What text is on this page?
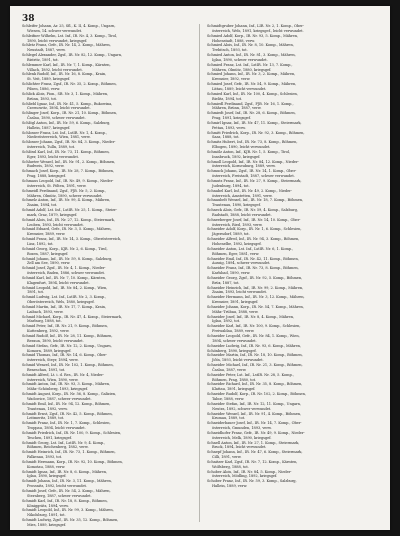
38
Schleifer Johann, Ar. 25, Sfl., K. II, 4. Komp., Ungarn,
Wiesen, 14. schwer verwundet.
Schleifner Wilhelm, Lst. Inf., IR. Nr. 4, 3. Komp., Tirol,
1890, leicht verwundet, kriegsgef.
Schletz Franz, Gefr., IR. Nr. 14, 2. Komp., Mähren,
Neustadt, 1887, verw.
Schlegel Alexander, Zgsf., IR. Nr. 82, 12. Komp., Ungarn,
Bistritz, 1891, tot.
Schlemmer Karl, Inf., IR. Nr. 7, 1. Komp., Kärnten,
Villach, 1892, leicht verwundet.
Schlenk Rudolf, Inf., IR. Nr. 16, 8. Komp., Krain,
St. Veit, 1889, kriegsgef.
Schlichter Franz, Zgsf., IR. Nr. 35, 2. Komp., Böhmen,
Pilsen, 1886, verw.
Schlick Alois, Pion., SB. Nr. 3, 1. Komp., Mähren,
Brünn, 1893, tot.
Schliebl Ignaz, Inf., IR. Nr. 41, 5. Komp., Bukowina,
Czernowitz, 1894, leicht verwundet.
Schlinger Josef, Korp., IR. Nr. 21, 10. Komp., Böhmen,
Časlau, 1890, schwer verwundet.
Schlögl Anton, Inf., IR. Nr. 59, 6. Komp., Salzburg,
Hallein, 1887, kriegsgef.
Schlosser Franz, Lst. Inf., LstIR. Nr. 1, 4. Komp.,
Niederösterreich, Wien, 1881, verw.
Schlosser Johann, Zgsf., IR. Nr. 84, 3. Komp., Nieder-
österreich, Tulln, 1889, tot.
Schlössl Karl, Inf., IR. Nr. 73, 11. Komp., Böhmen,
Eger, 1893, leicht verwundet.
Schlueter Wenzel, Inf., IR. Nr. 91, 2. Komp., Böhmen,
Budweis, 1892, verw.
Schmach Josef, Korp., IR. Nr. 28, 7. Komp., Böhmen,
Prag, 1888, kriegsgef.
Schmaus Leopold, Inf., IR. Nr. 49, 9. Komp., Nieder-
österreich, St. Pölten, 1891, verw.
Schmeidl Ferdinand, Zgsf., FJB. Nr. 5, 2. Komp.,
Mähren, Olmütz, 1890, schwer verwundet.
Schmelz Anton, Inf., IR. Nr. 99, 4. Komp., Mähren,
Znaim, 1894, tot.
Schmid Adolf, Lst. Inf., LstIR. Nr. 25, 1. Komp., Steier-
mark, Graz, 1879, kriegsgef.
Schmid Alois, Inf., IR. Nr. 27, 12. Komp., Steiermark,
Leoben, 1893, leicht verwundet.
Schmid Eduard, Gefr., IR. Nr. 3, 5. Komp., Mähren,
Kremsier, 1889, verw.
Schmid Franz, Inf., IR. Nr. 14, 3. Komp., Oberösterreich,
Linz, 1892, tot.
Schmid Georg, Korp., KJR. Nr. 2, 6. Komp., Tirol,
Bozen, 1887, kriegsgef.
Schmid Johann, Inf., IR. Nr. 59, 8. Komp., Salzburg,
Zell am See, 1890, verw.
Schmid Josef, Zgsf., IR. Nr. 4, 1. Komp., Nieder-
österreich, Baden, 1886, schwer verwundet.
Schmid Karl, Inf., IR. Nr. 7, 10. Komp., Kärnten,
Klagenfurt, 1894, leicht verwundet.
Schmid Leopold, Inf., IR. Nr. 84, 2. Komp., Wien,
1891, tot.
Schmid Ludwig, Lst. Inf., LstIR. Nr. 2, 3. Komp.,
Oberösterreich, Wels, 1880, kriegsgef.
Schmid Martin, Inf., IR. Nr. 17, 7. Komp., Krain,
Laibach, 1893, verw.
Schmid Michael, Korp., IR. Nr. 47, 4. Komp., Steiermark,
Marburg, 1888, tot.
Schmid Peter, Inf., IR. Nr. 21, 9. Komp., Böhmen,
Kuttenberg, 1892, verw.
Schmid Rudolf, Inf., IR. Nr. 28, 11. Komp., Böhmen,
Beraun, 1890, leicht verwundet.
Schmid Stefan, Gefr., IR. Nr. 12, 2. Komp., Ungarn,
Komorn, 1889, kriegsgef.
Schmid Thomas, Inf., IR. Nr. 14, 6. Komp., Ober-
österreich, Steyr, 1894, verw.
Schmid Wenzel, Inf., IR. Nr. 102, 1. Komp., Böhmen,
Beneschau, 1891, tot.
Schmidt Alfred, Lt. i. d. Res., IR. Nr. 4, Nieder-
österreich, Wien, 1890, verw.
Schmidt Anton, Inf., IR. Nr. 93, 3. Komp., Mähren,
Mähr.-Schönberg, 1893, kriegsgef.
Schmidt August, Korp., IR. Nr. 56, 8. Komp., Galizien,
Wadowice, 1887, schwer verwundet.
Schmidt Emil, Inf., IR. Nr. 94, 12. Komp., Böhmen,
Trautenau, 1892, verw.
Schmidt Ernst, Zgsf., IR. Nr. 42, 5. Komp., Böhmen,
Leitmeritz, 1889, tot.
Schmidt Franz, Inf., IR. Nr. 1, 7. Komp., Schlesien,
Troppau, 1894, leicht verwundet.
Schmidt Friedrich, Inf., IR. Nr. 100, 9. Komp., Schlesien,
Teschen, 1891, kriegsgef.
Schmidt Georg, Lst. Inf., LstIR. Nr. 9, 4. Komp.,
Böhmen, Reichenberg, 1882, verw.
Schmidt Heinrich, Inf., IR. Nr. 73, 1. Komp., Böhmen,
Falkenau, 1893, tot.
Schmidt Hermann, Korp., IR. Nr. 92, 10. Komp., Böhmen,
Komotau, 1888, verw.
Schmidt Ignaz, Inf., IR. Nr. 8, 6. Komp., Mähren,
Iglau, 1890, kriegsgef.
Schmidt Johann, Inf., IR. Nr. 3, 11. Komp., Mähren,
Prossnitz, 1892, leicht verwundet.
Schmidt Josef, Gefr., IR. Nr. 54, 2. Komp., Mähren,
Sternberg, 1887, schwer verwundet.
Schmidt Karl, Inf., IR. Nr. 18, 8. Komp., Böhmen,
Königgrätz, 1894, verw.
Schmidt Leopold, Inf., IR. Nr. 99, 3. Komp., Mähren,
Nikolsburg, 1891, tot.
Schmidt Ludwig, Zgsf., IR. Nr. 35, 12. Komp., Böhmen,
Mies, 1889, kriegsgef.
Schmidtgruber Johann, Inf., LIR. Nr. 2, 1. Komp., Ober-
österreich, Wels, 1891, kriegsgef., leicht verwundet.
Schmied Adolf, Korp., IR. Nr. 93, 5. Komp., Mähren,
Hohenstadt, 1888, verw.
Schmied Alois, Inf., IR. Nr. 8, 10. Komp., Mähren,
Trebitsch, 1893, tot.
Schmied Anton, Inf., IR. Nr. 81, 3. Komp., Mähren,
Iglau, 1890, schwer verwundet.
Schmied Franz, Lst. Inf., LstIR. Nr. 13, 7. Komp.,
Mähren, Olmütz, 1880, kriegsgef.
Schmied Johann, Inf., IR. Nr. 3, 2. Komp., Mähren,
Kremsier, 1892, verw.
Schmied Josef, Gefr., IR. Nr. 54, 9. Komp., Mähren,
Littau, 1889, leicht verwundet.
Schmied Karl, Inf., IR. Nr. 100, 4. Komp., Schlesien,
Bielitz, 1894, tot.
Schmiedl Ferdinand, Zgsf., FJB. Nr. 16, 1. Komp.,
Mähren, Brünn, 1887, verw.
Schmiedt Josef, Inf., IR. Nr. 28, 6. Komp., Böhmen,
Prag, 1891, kriegsgef.
Schmirl Ignaz, Inf., IR. Nr. 47, 11. Komp., Steiermark,
Pettau, 1893, verw.
Schmitt Friedrich, Korp., IR. Nr. 92, 3. Komp., Böhmen,
Saaz, 1888, tot.
Schmitz Hubert, Inf., IR. Nr. 73, 8. Komp., Böhmen,
Elbogen, 1890, leicht verwundet.
Schmölz Anton, Inf., KJR. Nr. 1, 5. Komp., Tirol,
Innsbruck, 1892, kriegsgef.
Schmoll Leopold, Inf., IR. Nr. 84, 12. Komp., Nieder-
österreich, Korneuburg, 1889, verw.
Schmuck Johann, Zgsf., IR. Nr. 14, 1. Komp., Ober-
österreich, Freistadt, 1887, schwer verwundet.
Schmutz Franz, Inf., IR. Nr. 27, 9. Komp., Steiermark,
Judenburg, 1894, tot.
Schnabel Karl, Inf., IR. Nr. 49, 2. Komp., Nieder-
österreich, Amstetten, 1891, verw.
Schnaubelt Wenzel, Inf., IR. Nr. 18, 7. Komp., Böhmen,
Trautenau, 1890, kriegsgef.
Schneck Alois, Gefr., IR. Nr. 59, 4. Komp., Salzburg,
Radstadt, 1888, leicht verwundet.
Schneeberger Josef, Inf., IR. Nr. 14, 10. Komp., Ober-
österreich, Ried, 1893, verw.
Schneider Adolf, Korp., IR. Nr. 1, 6. Komp., Schlesien,
Jägerndorf, 1889, tot.
Schneider Alfred, Inf., IR. Nr. 94, 3. Komp., Böhmen,
Hohenelbe, 1892, kriegsgef.
Schneider Anton, Lst. Inf., LstIR. Nr. 6, 1. Komp.,
Böhmen, Eger, 1881, verw.
Schneider Emil, Inf., IR. Nr. 42, 11. Komp., Böhmen,
Aussig, 1894, schwer verwundet.
Schneider Franz, Inf., IR. Nr. 73, 8. Komp., Böhmen,
Karlsbad, 1890, verw.
Schneider Georg, Zgsf., IR. Nr. 92, 5. Komp., Böhmen,
Brüx, 1887, tot.
Schneider Heinrich, Inf., IR. Nr. 99, 2. Komp., Mähren,
Znaim, 1893, leicht verwundet.
Schneider Hermann, Inf., IR. Nr. 3, 12. Komp., Mähren,
Kremsier, 1891, kriegsgef.
Schneider Johann, Korp., IR. Nr. 54, 7. Komp., Mähren,
Mähr.-Trübau, 1888, verw.
Schneider Josef, Inf., IR. Nr. 8, 4. Komp., Mähren,
Iglau, 1892, tot.
Schneider Karl, Inf., IR. Nr. 100, 9. Komp., Schlesien,
Freiwaldau, 1889, verw.
Schneider Leopold, Gefr., IR. Nr. 84, 1. Komp., Wien,
1894, schwer verwundet.
Schneider Ludwig, Inf., IR. Nr. 93, 6. Komp., Mähren,
Schönberg, 1890, kriegsgef.
Schneider Martin, Inf., IR. Nr. 18, 10. Komp., Böhmen,
Jičín, 1893, leicht verwundet.
Schneider Michael, Inf., IR. Nr. 21, 3. Komp., Böhmen,
Časlau, 1887, verw.
Schneider Peter, Lst. Inf., LstIR. Nr. 28, 5. Komp.,
Böhmen, Prag, 1880, tot.
Schneider Richard, Inf., IR. Nr. 35, 8. Komp., Böhmen,
Klattau, 1891, kriegsgef.
Schneider Rudolf, Korp., IR. Nr. 102, 2. Komp., Böhmen,
Tabor, 1888, verw.
Schneider Stefan, Inf., IR. Nr. 12, 11. Komp., Ungarn,
Neutra, 1892, schwer verwundet.
Schneider Wenzel, Inf., IR. Nr. 91, 4. Komp., Böhmen,
Krumau, 1889, tot.
Schneiderbauer Josef, Inf., IR. Nr. 14, 7. Komp., Ober-
österreich, Gmunden, 1893, verw.
Schneidhofer Franz, Gefr., IR. Nr. 49, 9. Komp., Nieder-
österreich, Melk, 1890, kriegsgef.
Schnell Anton, Inf., IR. Nr. 27, 1. Komp., Steiermark,
Bruck, 1894, leicht verwundet.
Schnepf Johann, Inf., IR. Nr. 47, 6. Komp., Steiermark,
Cilli, 1891, verw.
Schnitzer Karl, Zgsf., IR. Nr. 7, 12. Komp., Kärnten,
Wolfsberg, 1888, tot.
Schober Alois, Inf., IR. Nr. 84, 5. Komp., Nieder-
österreich, Mödling, 1892, kriegsgef.
Schober Franz, Inf., IR. Nr. 59, 3. Komp., Salzburg,
Hallein, 1889, verw.
